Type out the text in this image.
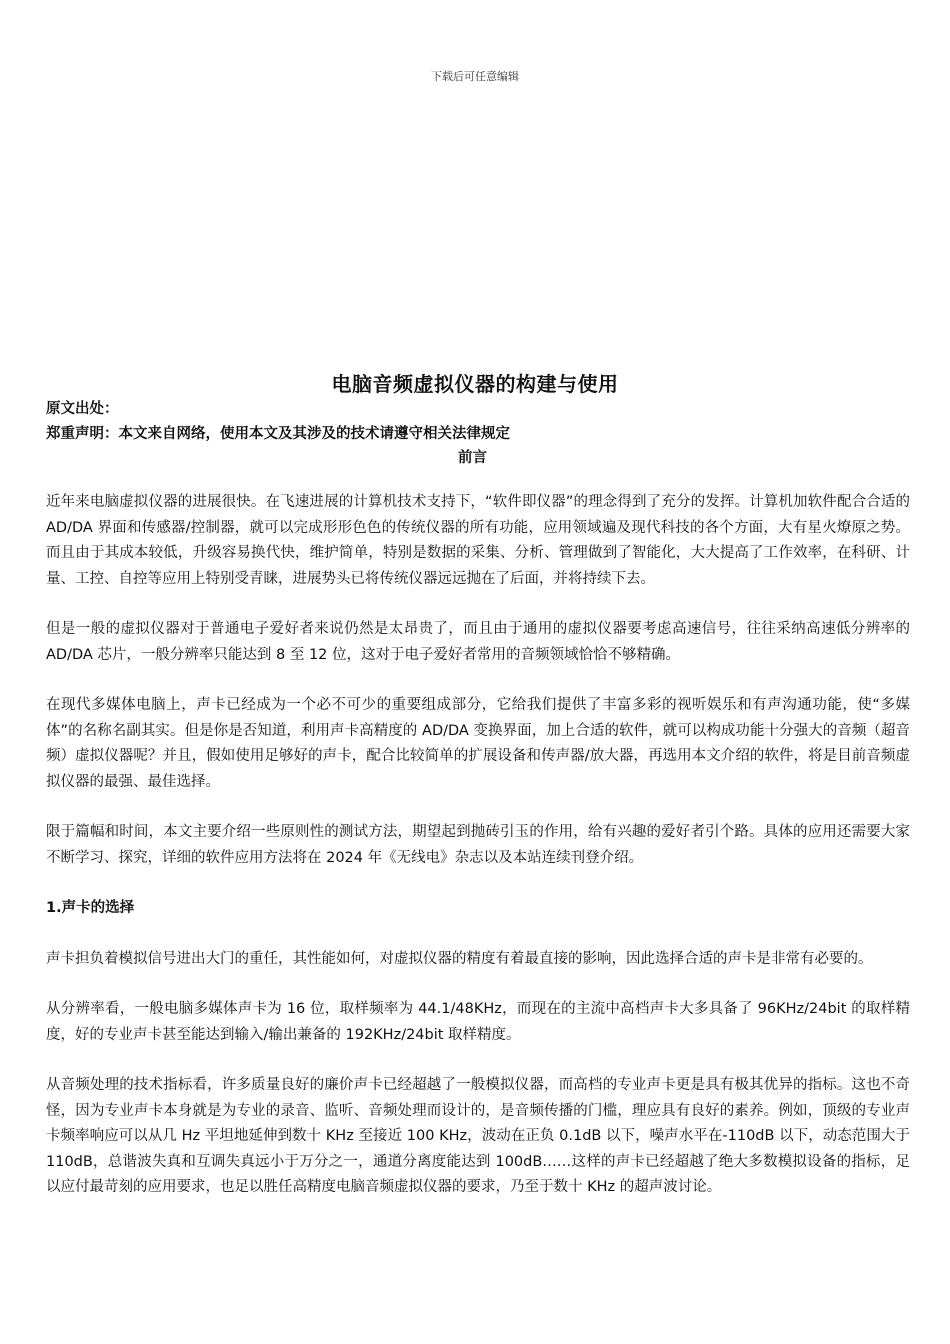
下载后可任意编辑
电脑音频虚拟仪器的构建与使用
原文出处：
郑重声明：本文来自网络，使用本文及其涉及的技术请遵守相关法律规定
前言

近年来电脑虚拟仪器的进展很快。在飞速进展的计算机技术支持下，“软件即仪器”的理念得到了充分的发挥。计算机加软件配合合适的 AD/DA 界面和传感器/控制器，就可以完成形形色色的传统仪器的所有功能，应用领域遍及现代科技的各个方面，大有星火燎原之势。而且由于其成本较低，升级容易换代快，维护简单，特别是数据的采集、分析、管理做到了智能化，大大提高了工作效率，在科研、计量、工控、自控等应用上特别受青睐，进展势头已将传统仪器远远抛在了后面，并将持续下去。

但是一般的虚拟仪器对于普通电子爱好者来说仍然是太昂贵了，而且由于通用的虚拟仪器要考虑高速信号，往往采纳高速低分辨率的 AD/DA 芯片，一般分辨率只能达到 8 至 12 位，这对于电子爱好者常用的音频领域恰恰不够精确。

在现代多媒体电脑上，声卡已经成为一个必不可少的重要组成部分，它给我们提供了丰富多彩的视听娱乐和有声沟通功能，使“多媒体”的名称名副其实。但是你是否知道，利用声卡高精度的 AD/DA 变换界面，加上合适的软件，就可以构成功能十分强大的音频（超音频）虚拟仪器呢？并且，假如使用足够好的声卡，配合比较简单的扩展设备和传声器/放大器，再选用本文介绍的软件，将是目前音频虚拟仪器的最强、最佳选择。

限于篇幅和时间，本文主要介绍一些原则性的测试方法，期望起到抛砖引玉的作用，给有兴趣的爱好者引个路。具体的应用还需要大家不断学习、探究，详细的软件应用方法将在 2024 年《无线电》杂志以及本站连续刊登介绍。

1.声卡的选择

声卡担负着模拟信号进出大门的重任，其性能如何，对虚拟仪器的精度有着最直接的影响，因此选择合适的声卡是非常有必要的。

从分辨率看，一般电脑多媒体声卡为 16 位，取样频率为 44.1/48KHz，而现在的主流中高档声卡大多具备了 96KHz/24bit 的取样精度，好的专业声卡甚至能达到输入/输出兼备的 192KHz/24bit 取样精度。

从音频处理的技术指标看，许多质量良好的廉价声卡已经超越了一般模拟仪器，而高档的专业声卡更是具有极其优异的指标。这也不奇怪，因为专业声卡本身就是为专业的录音、监听、音频处理而设计的，是音频传播的门槛，理应具有良好的素养。例如，顶级的专业声卡频率响应可以从几 Hz 平坦地延伸到数十 KHz 至接近 100 KHz，波动在正负 0.1dB 以下，噪声水平在-110dB 以下，动态范围大于 110dB，总谐波失真和互调失真远小于万分之一，通道分离度能达到 100dB……这样的声卡已经超越了绝大多数模拟设备的指标，足以应付最苛刻的应用要求，也足以胜任高精度电脑音频虚拟仪器的要求，乃至于数十 KHz 的超声波讨论。
